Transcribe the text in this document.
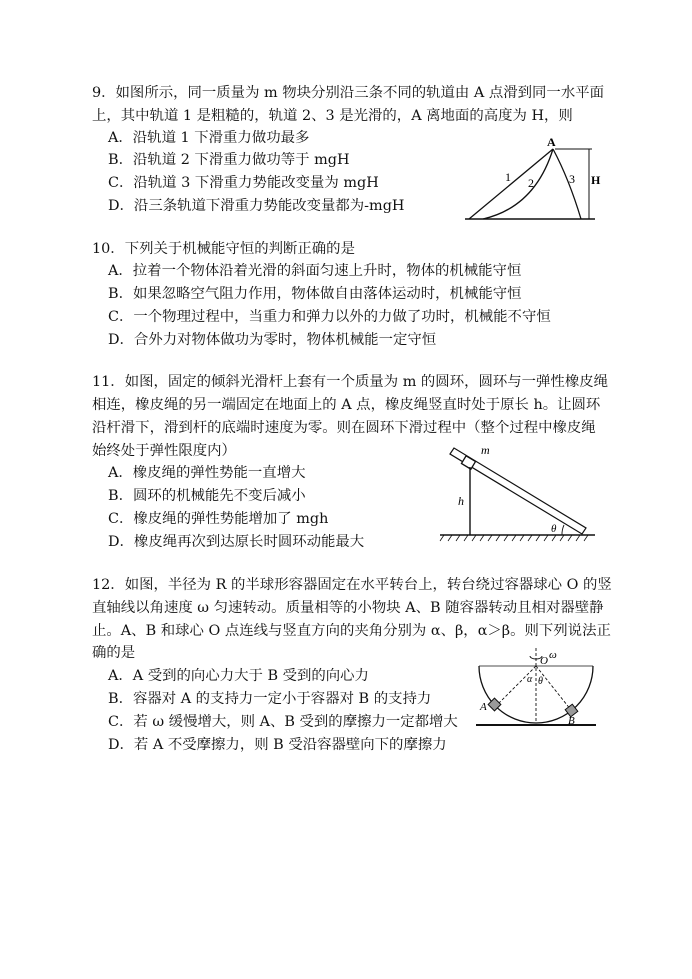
9．如图所示，同一质量为 m 物块分别沿三条不同的轨道由 A 点滑到同一水平面
上，其中轨道 1 是粗糙的，轨道 2、3 是光滑的，A 离地面的高度为 H，则
A．沿轨道 1 下滑重力做功最多
B．沿轨道 2 下滑重力做功等于 mgH
C．沿轨道 3 下滑重力势能改变量为 mgH
D．沿三条轨道下滑重力势能改变量都为-mgH
A
1 2	3 H
10．下列关于机械能守恒的判断正确的是
A．拉着一个物体沿着光滑的斜面匀速上升时，物体的机械能守恒
B．如果忽略空气阻力作用，物体做自由落体运动时，机械能守恒
C．一个物理过程中，当重力和弹力以外的力做了功时，机械能不守恒
D．合外力对物体做功为零时，物体机械能一定守恒
11．如图，固定的倾斜光滑杆上套有一个质量为 m 的圆环，圆环与一弹性橡皮绳
相连，橡皮绳的另一端固定在地面上的 A 点，橡皮绳竖直时处于原长 h。让圆环
沿杆滑下，滑到杆的底端时速度为零。则在圆环下滑过程中（整个过程中橡皮绳
始终处于弹性限度内）
A．橡皮绳的弹性势能一直增大
B．圆环的机械能先不变后减小
C．橡皮绳的弹性势能增加了 mgh
D．橡皮绳再次到达原长时圆环动能最大
m
h
θ
12．如图，半径为 R 的半球形容器固定在水平转台上，转台绕过容器球心 O 的竖
直轴线以角速度 ω 匀速转动。质量相等的小物块 A、B 随容器转动且相对器壁静
止。A、B 和球心 O 点连线与竖直方向的夹角分别为 α、β，α＞β。则下列说法正
确的是
A．A 受到的向心力大于 B 受到的向心力
B．容器对 A 的支持力一定小于容器对 B 的支持力
C．若 ω 缓慢增大，则 A、B 受到的摩擦力一定都增大
D．若 A 不受摩擦力，则 B 受沿容器壁向下的摩擦力
ω
O
α θ
A
B
